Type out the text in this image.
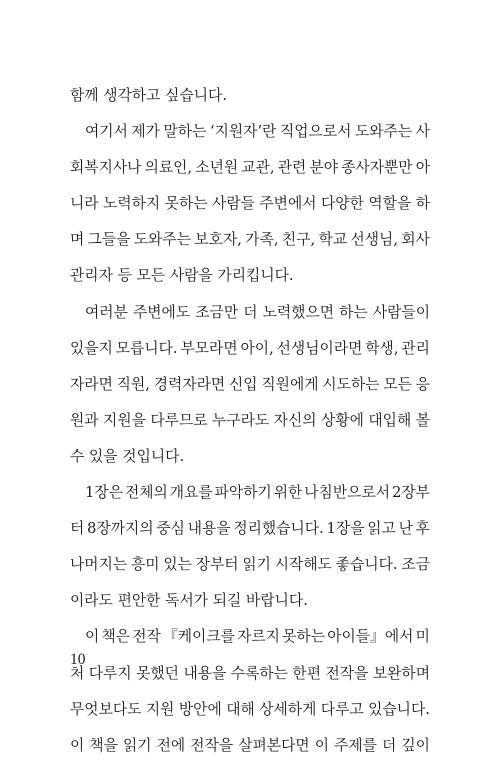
함께 생각하고 싶습니다.
여기서 제가 말하는 ‘지원자’란 직업으로서 도와주는 사
회복지사나 의료인, 소년원 교관, 관련 분야 종사자뿐만 아
니라 노력하지 못하는 사람들 주변에서 다양한 역할을 하
며 그들을 도와주는 보호자, 가족, 친구, 학교 선생님, 회사
관리자 등 모든 사람을 가리킵니다.
여러분 주변에도 조금만 더 노력했으면 하는 사람들이
있을지 모릅니다. 부모라면 아이, 선생님이라면 학생, 관리
자라면 직원, 경력자라면 신입 직원에게 시도하는 모든 응
원과 지원을 다루므로 누구라도 자신의 상황에 대입해 볼
수 있을 것입니다.
1장은 전체의 개요를 파악하기 위한 나침반으로서 2장부
터 8장까지의 중심 내용을 정리했습니다. 1장을 읽고 난 후
나머지는 흥미 있는 장부터 읽기 시작해도 좋습니다. 조금
이라도 편안한 독서가 되길 바랍니다.
이 책은 전작 『케이크를 자르지 못하는 아이들』에서 미
처 다루지 못했던 내용을 수록하는 한편 전작을 보완하며
무엇보다도 지원 방안에 대해 상세하게 다루고 있습니다.
이 책을 읽기 전에 전작을 살펴본다면 이 주제를 더 깊이
10
